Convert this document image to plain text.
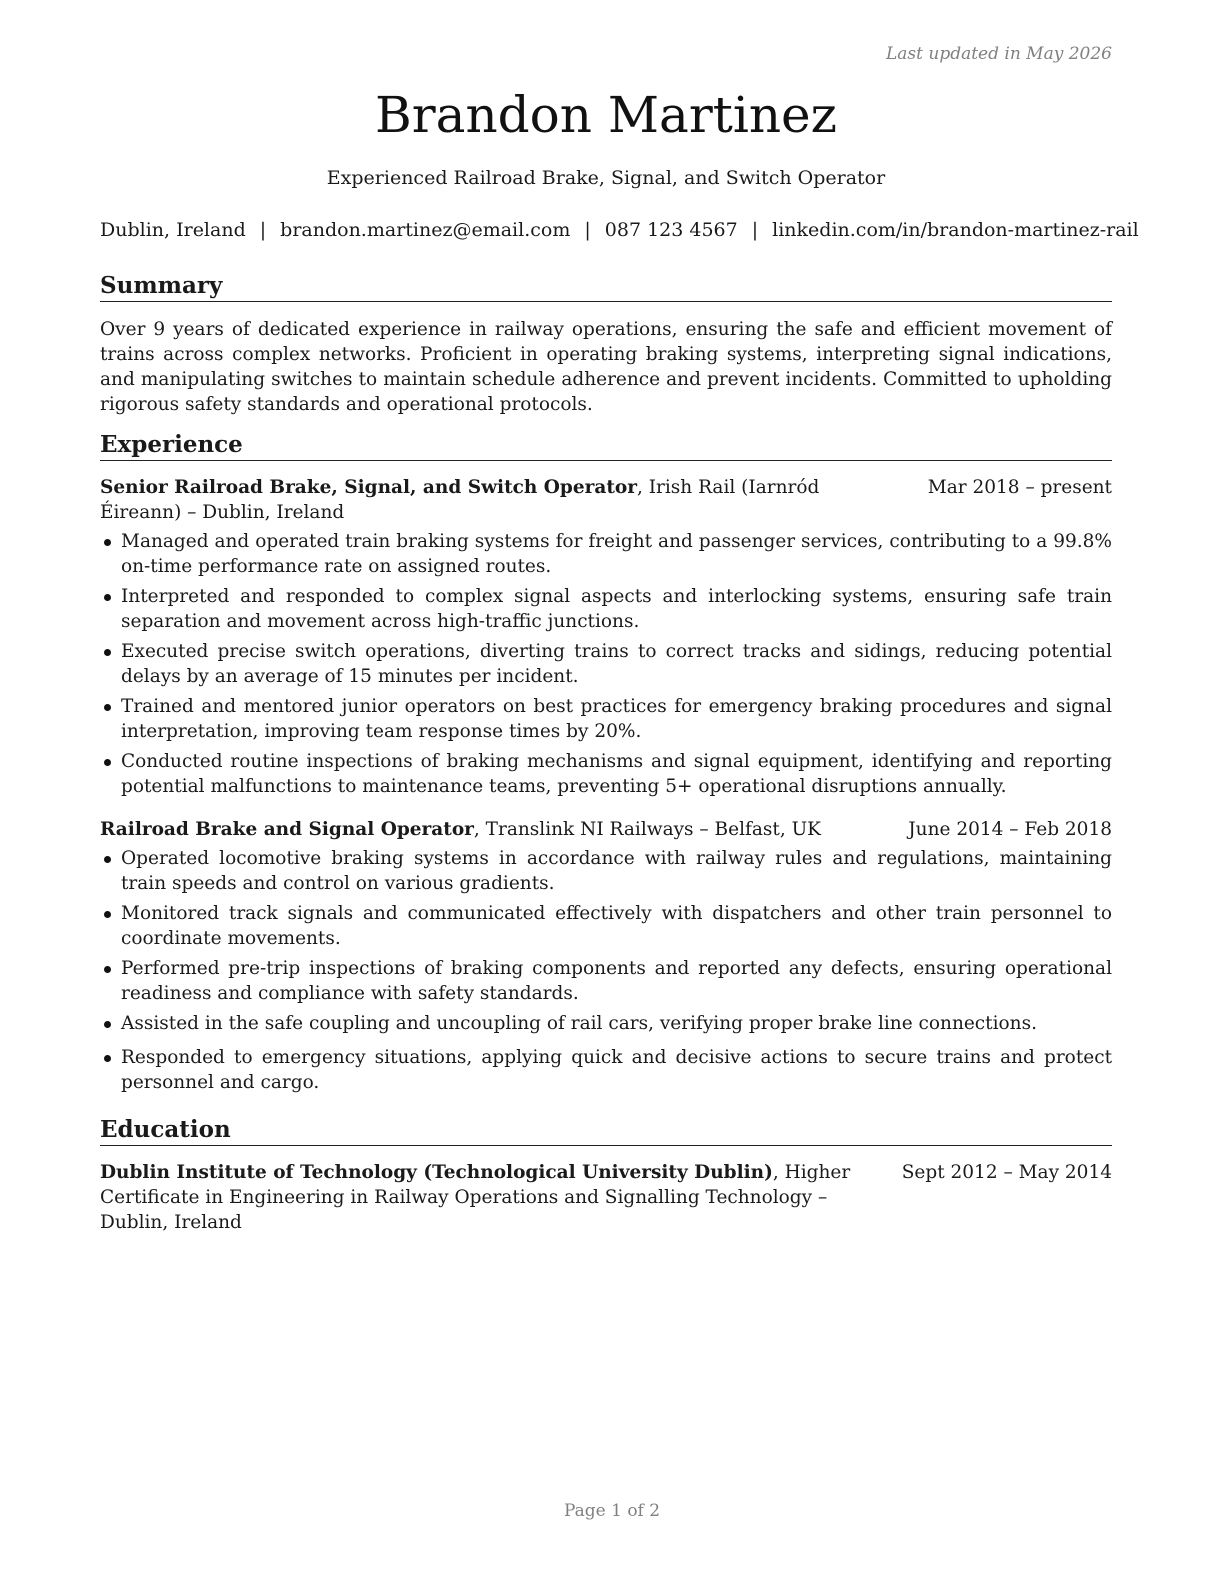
Last updated in May 2026
Brandon Martinez
Experienced Railroad Brake, Signal, and Switch Operator
Dublin, Ireland | brandon.martinez@email.com | 087 123 4567 | linkedin.com/in/brandon-martinez-rail
Summary
Over 9 years of dedicated experience in railway operations, ensuring the safe and efficient movement of trains across complex networks. Proficient in operating braking systems, interpreting signal indications, and manipulating switches to maintain schedule adherence and prevent incidents. Committed to upholding rigorous safety standards and operational protocols.
Experience
Senior Railroad Brake, Signal, and Switch Operator, Irish Rail (Iarnród Éireann) – Dublin, Ireland
Mar 2018 – present
Managed and operated train braking systems for freight and passenger services, contributing to a 99.8% on-time performance rate on assigned routes.
Interpreted and responded to complex signal aspects and interlocking systems, ensuring safe train separation and movement across high-traffic junctions.
Executed precise switch operations, diverting trains to correct tracks and sidings, reducing potential delays by an average of 15 minutes per incident.
Trained and mentored junior operators on best practices for emergency braking procedures and signal interpretation, improving team response times by 20%.
Conducted routine inspections of braking mechanisms and signal equipment, identifying and reporting potential malfunctions to maintenance teams, preventing 5+ operational disruptions annually.
Railroad Brake and Signal Operator, Translink NI Railways – Belfast, UK	June 2014 – Feb 2018
Operated locomotive braking systems in accordance with railway rules and regulations, maintaining train speeds and control on various gradients.
Monitored track signals and communicated effectively with dispatchers and other train personnel to coordinate movements.
Performed pre-trip inspections of braking components and reported any defects, ensuring operational readiness and compliance with safety standards.
Assisted in the safe coupling and uncoupling of rail cars, verifying proper brake line connections.
Responded to emergency situations, applying quick and decisive actions to secure trains and protect personnel and cargo.
Education
Dublin Institute of Technology (Technological University Dublin), Higher Certificate in Engineering in Railway Operations and Signalling Technology – Dublin, Ireland
Sept 2012 – May 2014
Page 1 of 2
